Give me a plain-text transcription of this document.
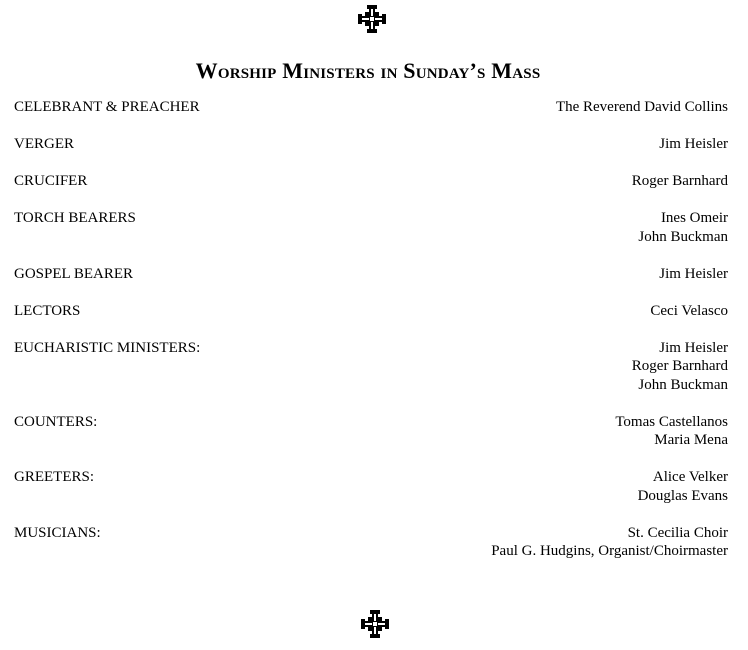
Worship Ministers in Sunday’s Mass
CELEBRANT & PREACHER	The Reverend David Collins
VERGER	Jim Heisler
CRUCIFER	Roger Barnhard
TORCH BEARERS	Ines Omeir
John Buckman
GOSPEL BEARER	Jim Heisler
LECTORS	Ceci Velasco
EUCHARISTIC MINISTERS:	Jim Heisler
Roger Barnhard
John Buckman
COUNTERS:	Tomas Castellanos
Maria Mena
GREETERS:	Alice Velker
Douglas Evans
MUSICIANS:	St. Cecilia Choir
Paul G. Hudgins, Organist/Choirmaster
